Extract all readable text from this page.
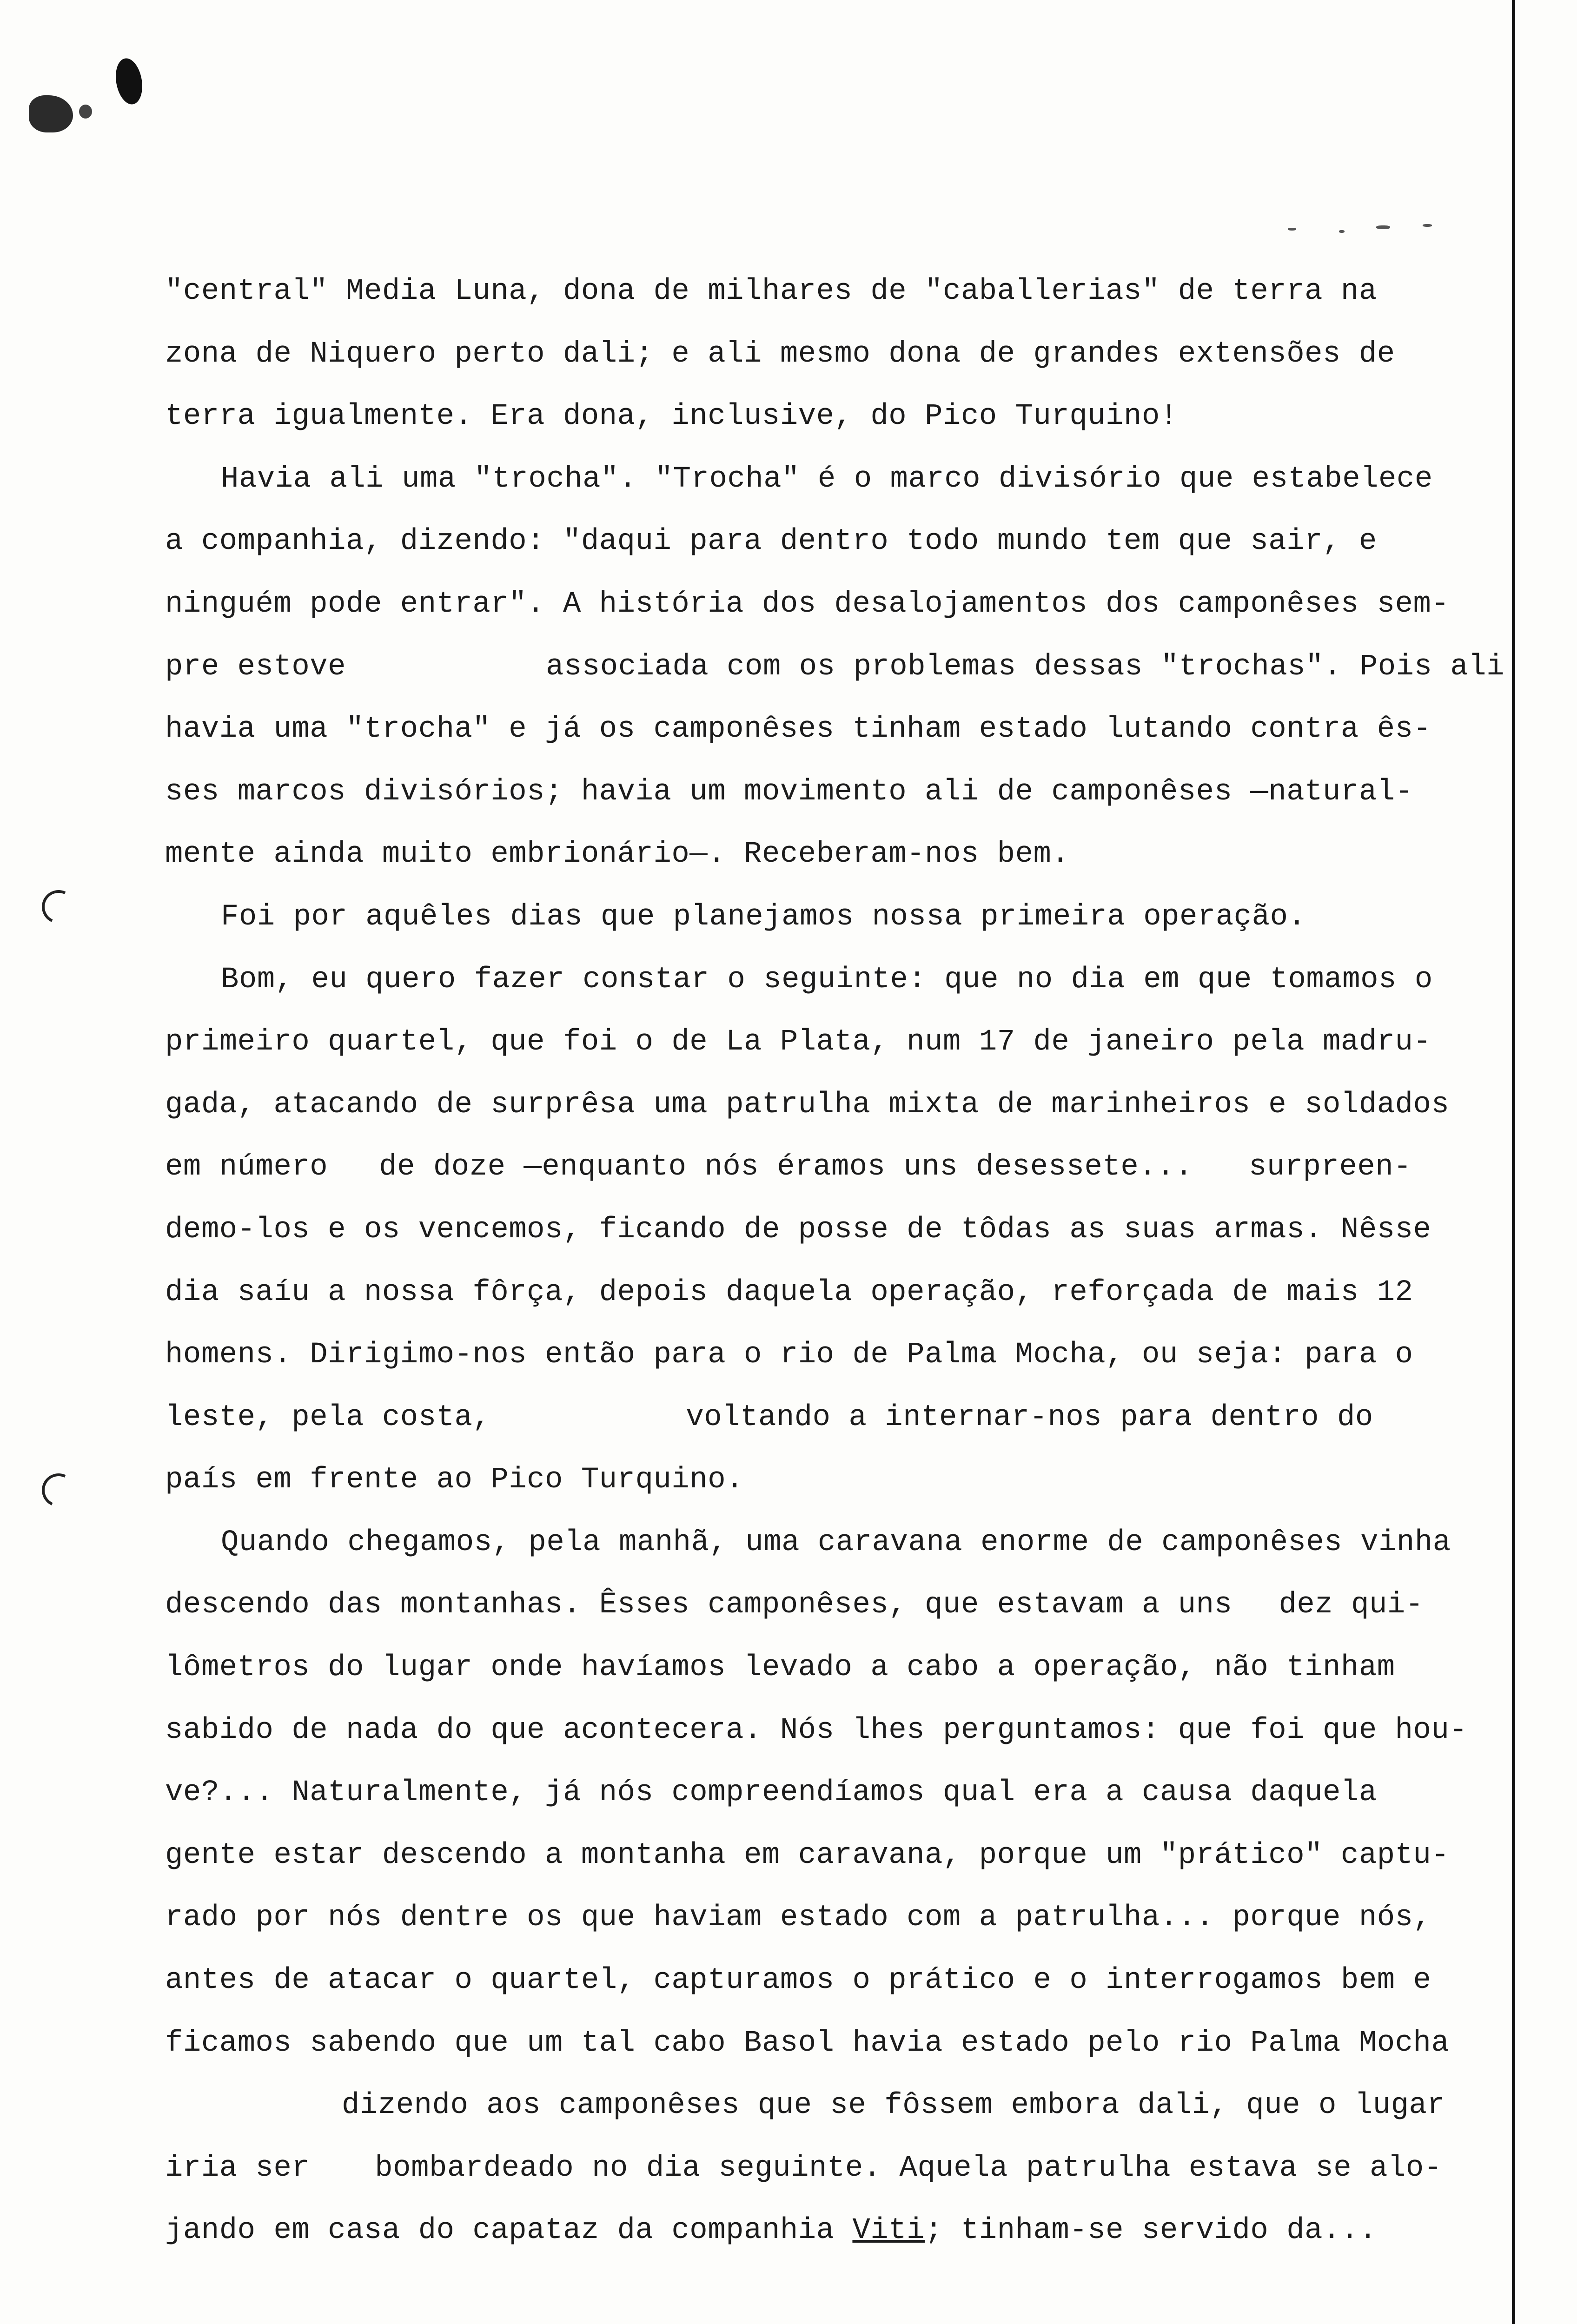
"central" Media Luna, dona de milhares de "caballerias" de terra na
zona de Niquero perto dali; e ali mesmo dona de grandes extensões de
terra igualmente. Era dona, inclusive, do Pico Turquino!
Havia ali uma "trocha". "Trocha" é o marco divisório que estabelece
a companhia, dizendo: "daqui para dentro todo mundo tem que sair, e
ninguém pode entrar". A história dos desalojamentos dos camponêses sem-
pre estove	associada com os problemas dessas "trochas". Pois ali
havia uma "trocha" e já os camponêses tinham estado lutando contra ês-
ses marcos divisórios; havia um movimento ali de camponêses —natural-
mente ainda muito embrionário—. Receberam-nos bem.
Foi por aquêles dias que planejamos nossa primeira operação.
Bom, eu quero fazer constar o seguinte: que no dia em que tomamos o
primeiro quartel, que foi o de La Plata, num 17 de janeiro pela madru-
gada, atacando de surprêsa uma patrulha mixta de marinheiros e soldados
em número de doze —enquanto nós éramos uns desessete... surpreen-
demo-los e os vencemos, ficando de posse de tôdas as suas armas. Nêsse
dia saíu a nossa fôrça, depois daquela operação, reforçada de mais 12
homens. Dirigimo-nos então para o rio de Palma Mocha, ou seja: para o
leste, pela costa,	voltando a internar-nos para dentro do
país em frente ao Pico Turquino.
Quando chegamos, pela manhã, uma caravana enorme de camponêses vinha
descendo das montanhas. Êsses camponêses, que estavam a uns dez qui-
lômetros do lugar onde havíamos levado a cabo a operação, não tinham
sabido de nada do que acontecera. Nós lhes perguntamos: que foi que hou-
ve?... Naturalmente, já nós compreendíamos qual era a causa daquela
gente estar descendo a montanha em caravana, porque um "prático" captu-
rado por nós dentre os que haviam estado com a patrulha... porque nós,
antes de atacar o quartel, capturamos o prático e o interrogamos bem e
ficamos sabendo que um tal cabo Basol havia estado pelo rio Palma Mocha
dizendo aos camponêses que se fôssem embora dali, que o lugar
iria ser bombardeado no dia seguinte. Aquela patrulha estava se alo-
jando em casa do capataz da companhia Viti; tinham-se servido da...
